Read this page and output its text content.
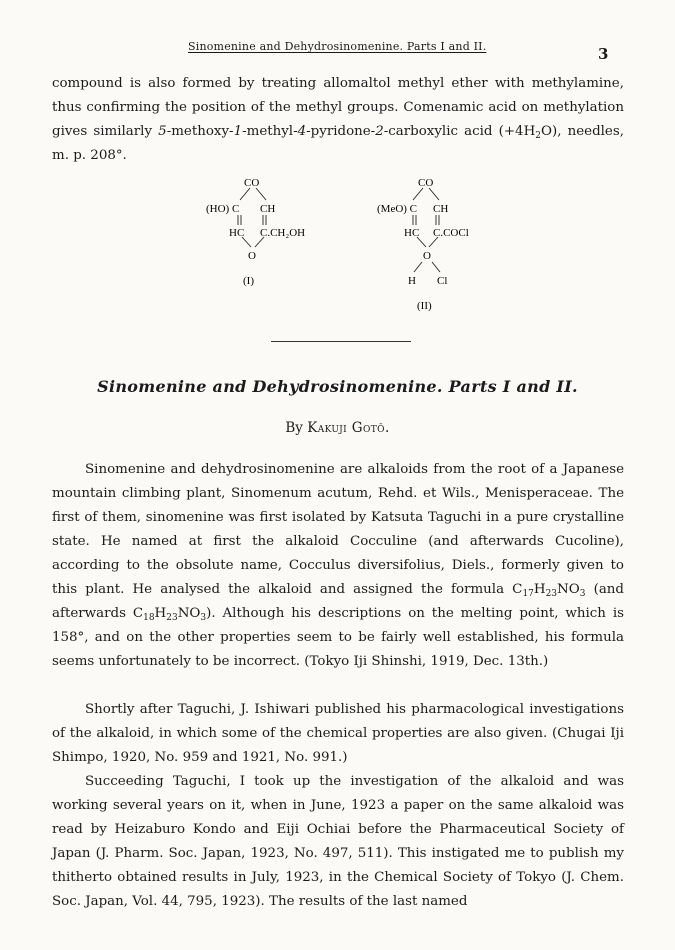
Sinomenine and Dehydrosinomenine. Parts I and II.	3
compound is also formed by treating allomaltol methyl ether with methylamine, thus confirming the position of the methyl groups. Comenamic acid on methylation gives similarly 5-methoxy-1-methyl-4-pyridone-2-carboxylic acid $(+4H_2O)$, needles, m. p. 208°.
CO
(HO) C CH
HC C.CH₂OH
O
(I)
CO
(MeO) C CH
HC C.COCl
O
H Cl
(II)
Sinomenine and Dehydrosinomenine. Parts I and II.
By Kakuji Gotō.
Sinomenine and dehydrosinomenine are alkaloids from the root of a Japanese mountain climbing plant, Sinomenum acutum, Rehd. et Wils., Menisperaceae. The first of them, sinomenine was first isolated by Katsuta Taguchi in a pure crystalline state. He named at first the alkaloid Cocculine (and afterwards Cucoline), according to the obsolute name, Cocculus diversifolius, Diels., formerly given to this plant. He analysed the alkaloid and assigned the formula $C_{17}H_{23}NO_3$ (and afterwards $C_{18}H_{23}NO_3$). Although his descriptions on the melting point, which is 158°, and on the other properties seem to be fairly well established, his formula seems unfortunately to be incorrect. (Tokyo Iji Shinshi, 1919, Dec. 13th.)
Shortly after Taguchi, J. Ishiwari published his pharmacological investigations of the alkaloid, in which some of the chemical properties are also given. (Chugai Iji Shimpo, 1920, No. 959 and 1921, No. 991.)
Succeeding Taguchi, I took up the investigation of the alkaloid and was working several years on it, when in June, 1923 a paper on the same alkaloid was read by Heizaburo Kondo and Eiji Ochiai before the Pharmaceutical Society of Japan (J. Pharm. Soc. Japan, 1923, No. 497, 511). This instigated me to publish my thitherto obtained results in July, 1923, in the Chemical Society of Tokyo (J. Chem. Soc. Japan, Vol. 44, 795, 1923). The results of the last named
